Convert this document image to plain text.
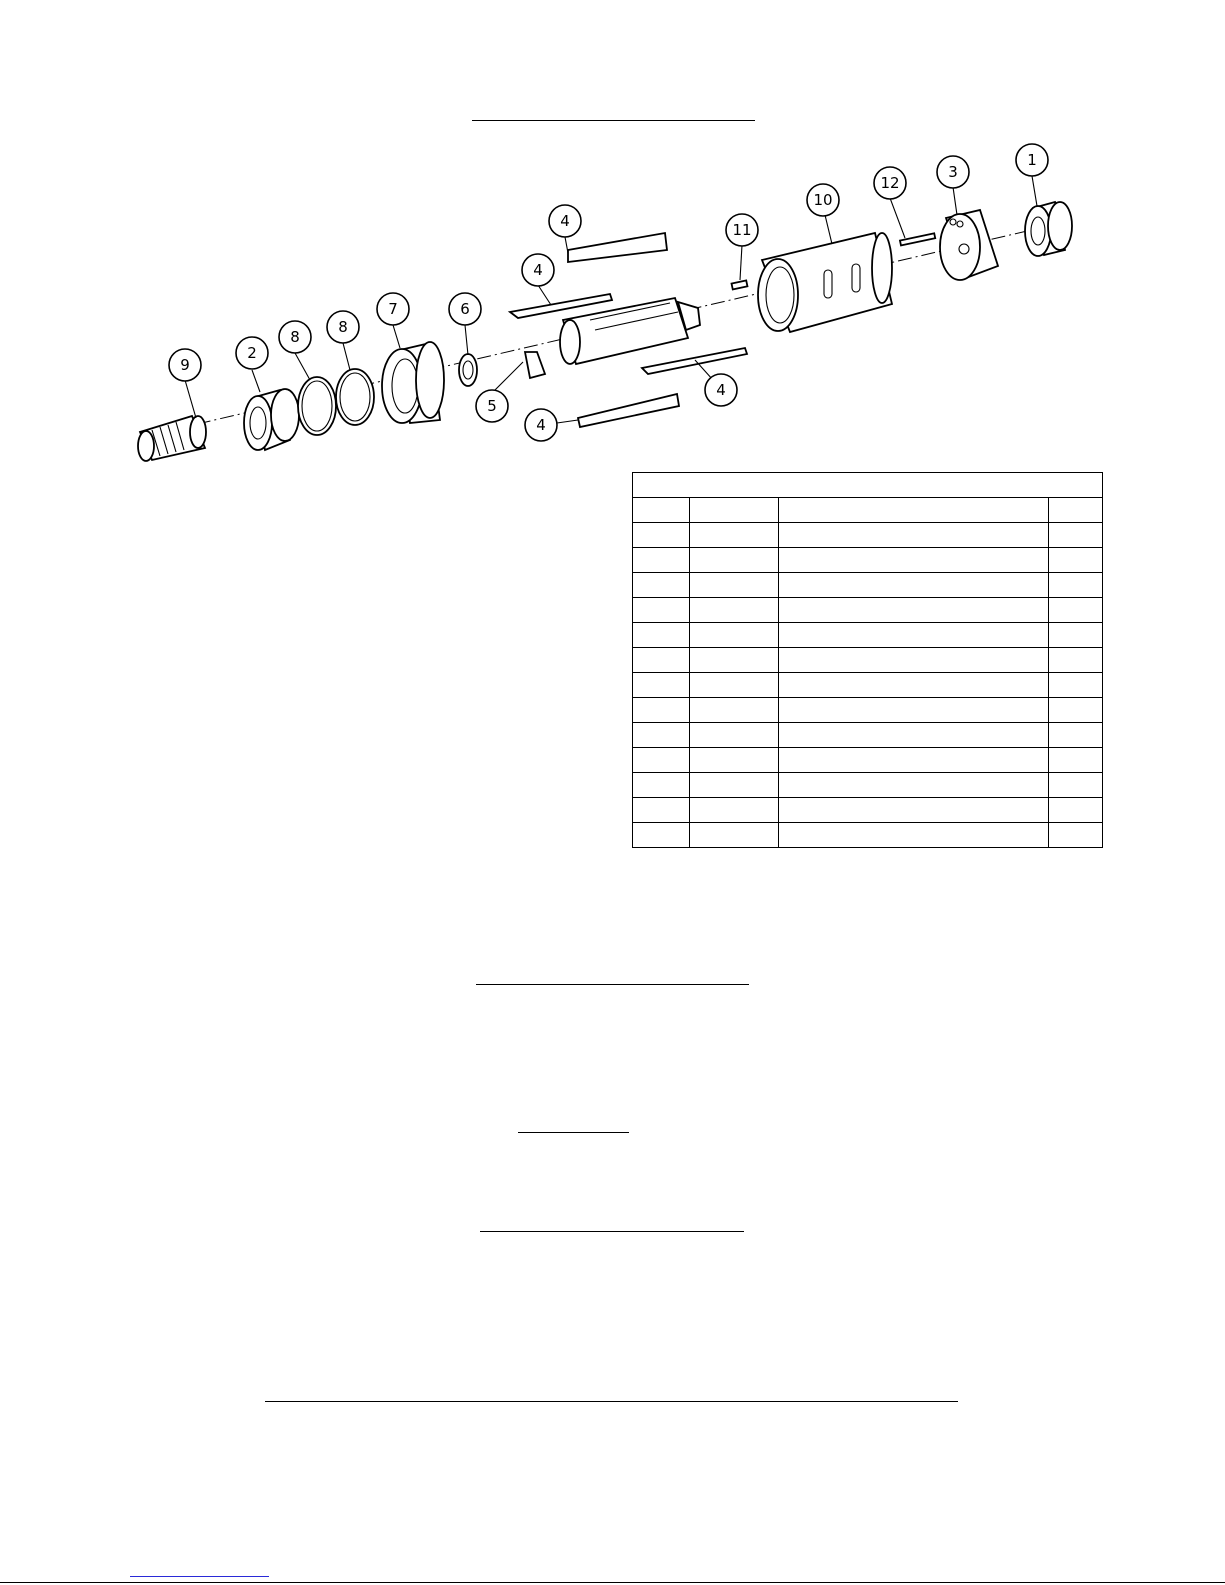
9
2
8
8
7	6
5
4
4
4
4
11
10
12
3
1
